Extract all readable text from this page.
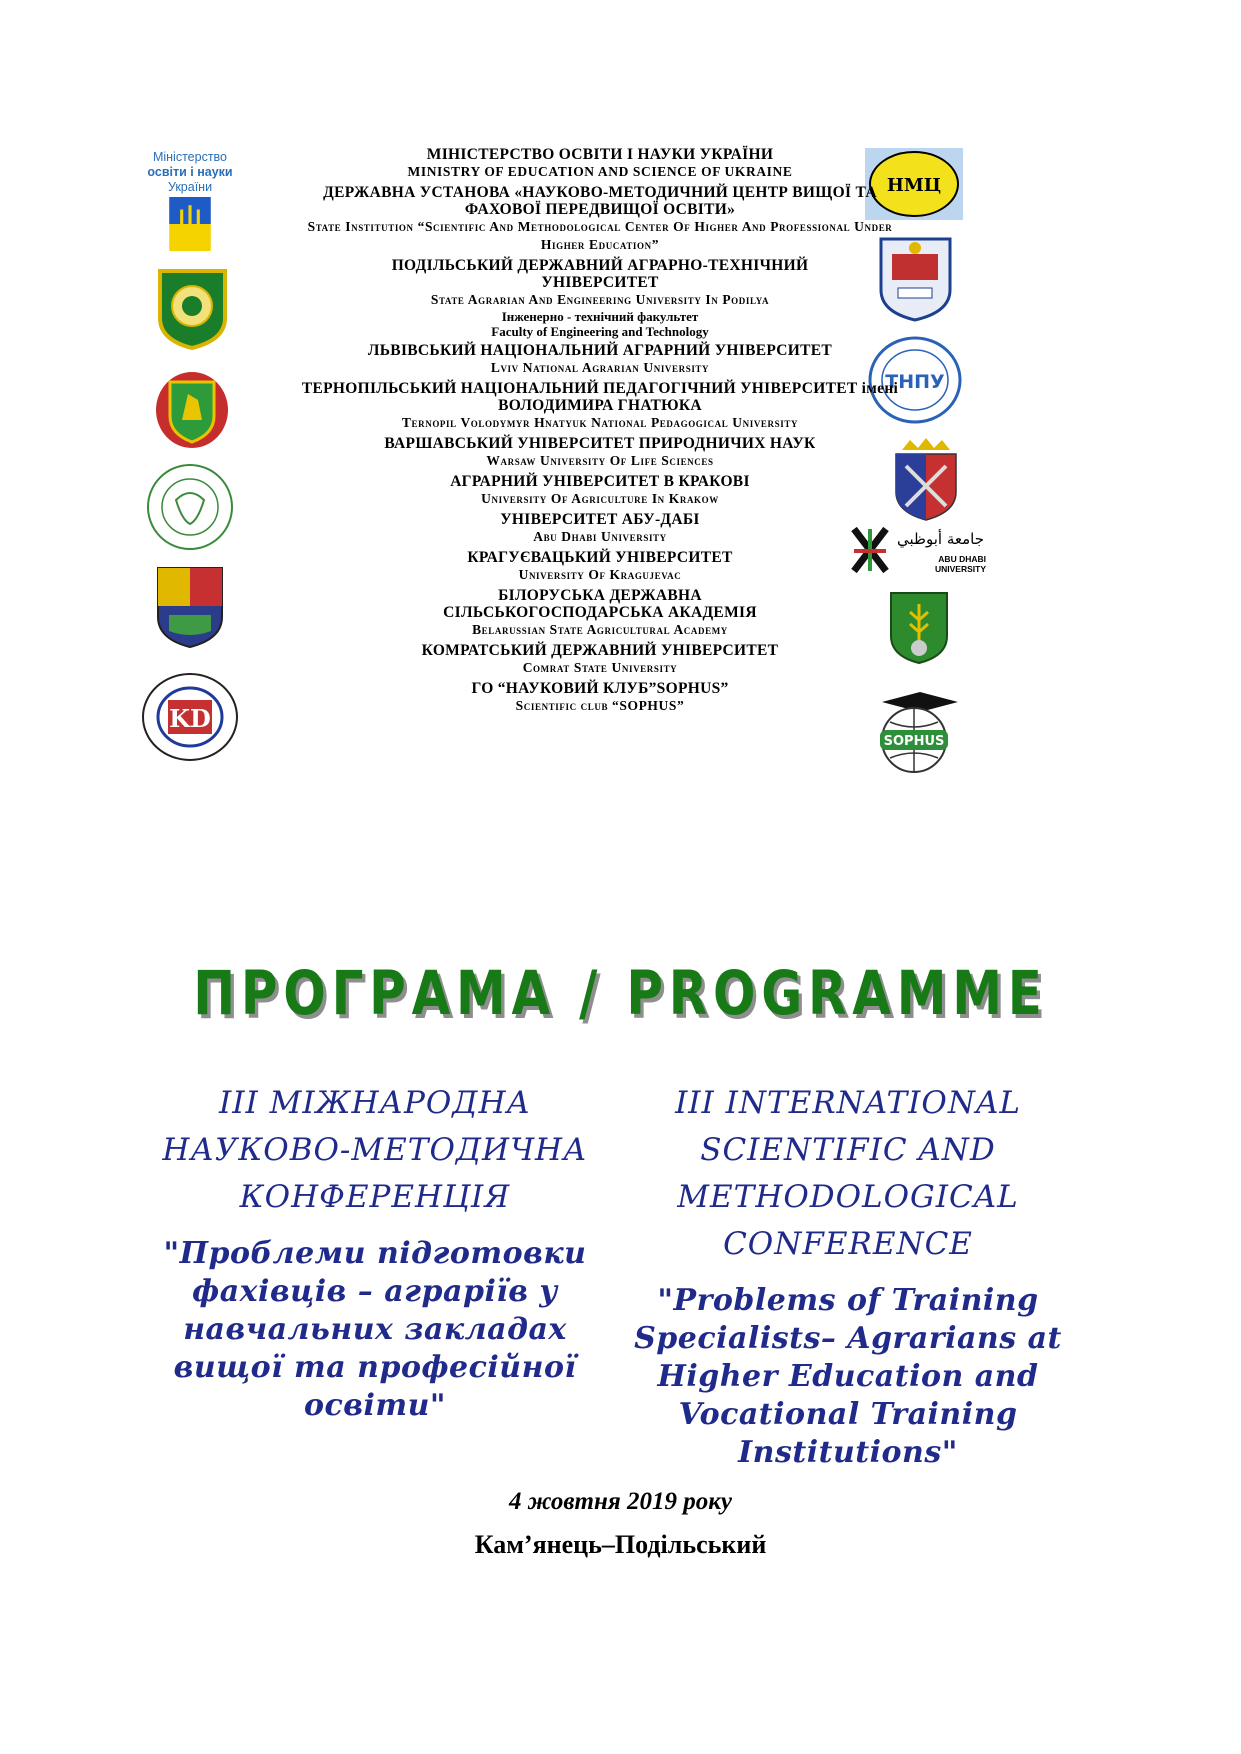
Міністерство
освіти і науки
України
KD
НМЦ
ТНПУ
جامعة أبوظبي
ABU DHABI UNIVERSITY
SOPHUS
МІНІСТЕРСТВО ОСВІТИ І НАУКИ УКРАЇНИ
MINISTRY OF EDUCATION AND SCIENCE OF UKRAINE
ДЕРЖАВНА УСТАНОВА «НАУКОВО-МЕТОДИЧНИЙ ЦЕНТР ВИЩОЇ ТА ФАХОВОЇ ПЕРЕДВИЩОЇ ОСВІТИ»
State Institution “Scientific And Methodological Center Of Higher And Professional Under Higher Education”
ПОДІЛЬСЬКИЙ ДЕРЖАВНИЙ АГРАРНО-ТЕХНІЧНИЙ УНІВЕРСИТЕТ
State Agrarian And Engineering University In Podilya
Інженерно - технічний факультет
Faculty of Engineering and Technology
ЛЬВІВСЬКИЙ НАЦІОНАЛЬНИЙ АГРАРНИЙ УНІВЕРСИТЕТ
Lviv National Agrarian University
ТЕРНОПІЛЬСЬКИЙ НАЦІОНАЛЬНИЙ ПЕДАГОГІЧНИЙ УНІВЕРСИТЕТ імені ВОЛОДИМИРА ГНАТЮКА
Ternopil Volodymyr Hnatyuk National Pedagogical University
ВАРШАВСЬКИЙ УНІВЕРСИТЕТ ПРИРОДНИЧИХ НАУК
Warsaw University Of Life Sciences
АГРАРНИЙ УНІВЕРСИТЕТ В КРАКОВІ
University Of Agriculture In Krakow
УНІВЕРСИТЕТ АБУ-ДАБІ
Abu Dhabi University
КРАГУЄВАЦЬКИЙ УНІВЕРСИТЕТ
University Of Kragujevac
БІЛОРУСЬКА ДЕРЖАВНА СІЛЬСЬКОГОСПОДАРСЬКА АКАДЕМІЯ
Belarussian State Agricultural Academy
КОМРАТСЬКИЙ ДЕРЖАВНИЙ УНІВЕРСИТЕТ
Comrat State University
ГО “НАУКОВИЙ КЛУБ”SOPHUS”
Scientific club “SOPHUS”
ПРОГРАМА / PROGRAMME
III МІЖНАРОДНА НАУКОВО-МЕТОДИЧНА КОНФЕРЕНЦІЯ
"Проблеми підготовки фахівців – аграріїв у навчальних закладах вищої та професійної освіти"
III INTERNATIONAL SCIENTIFIC AND METHODOLOGICAL CONFERENCE
"Problems of Training Specialists– Agrarians at Higher Education and Vocational Training Institutions"
4 жовтня 2019 року
Кам’янець–Подільський
